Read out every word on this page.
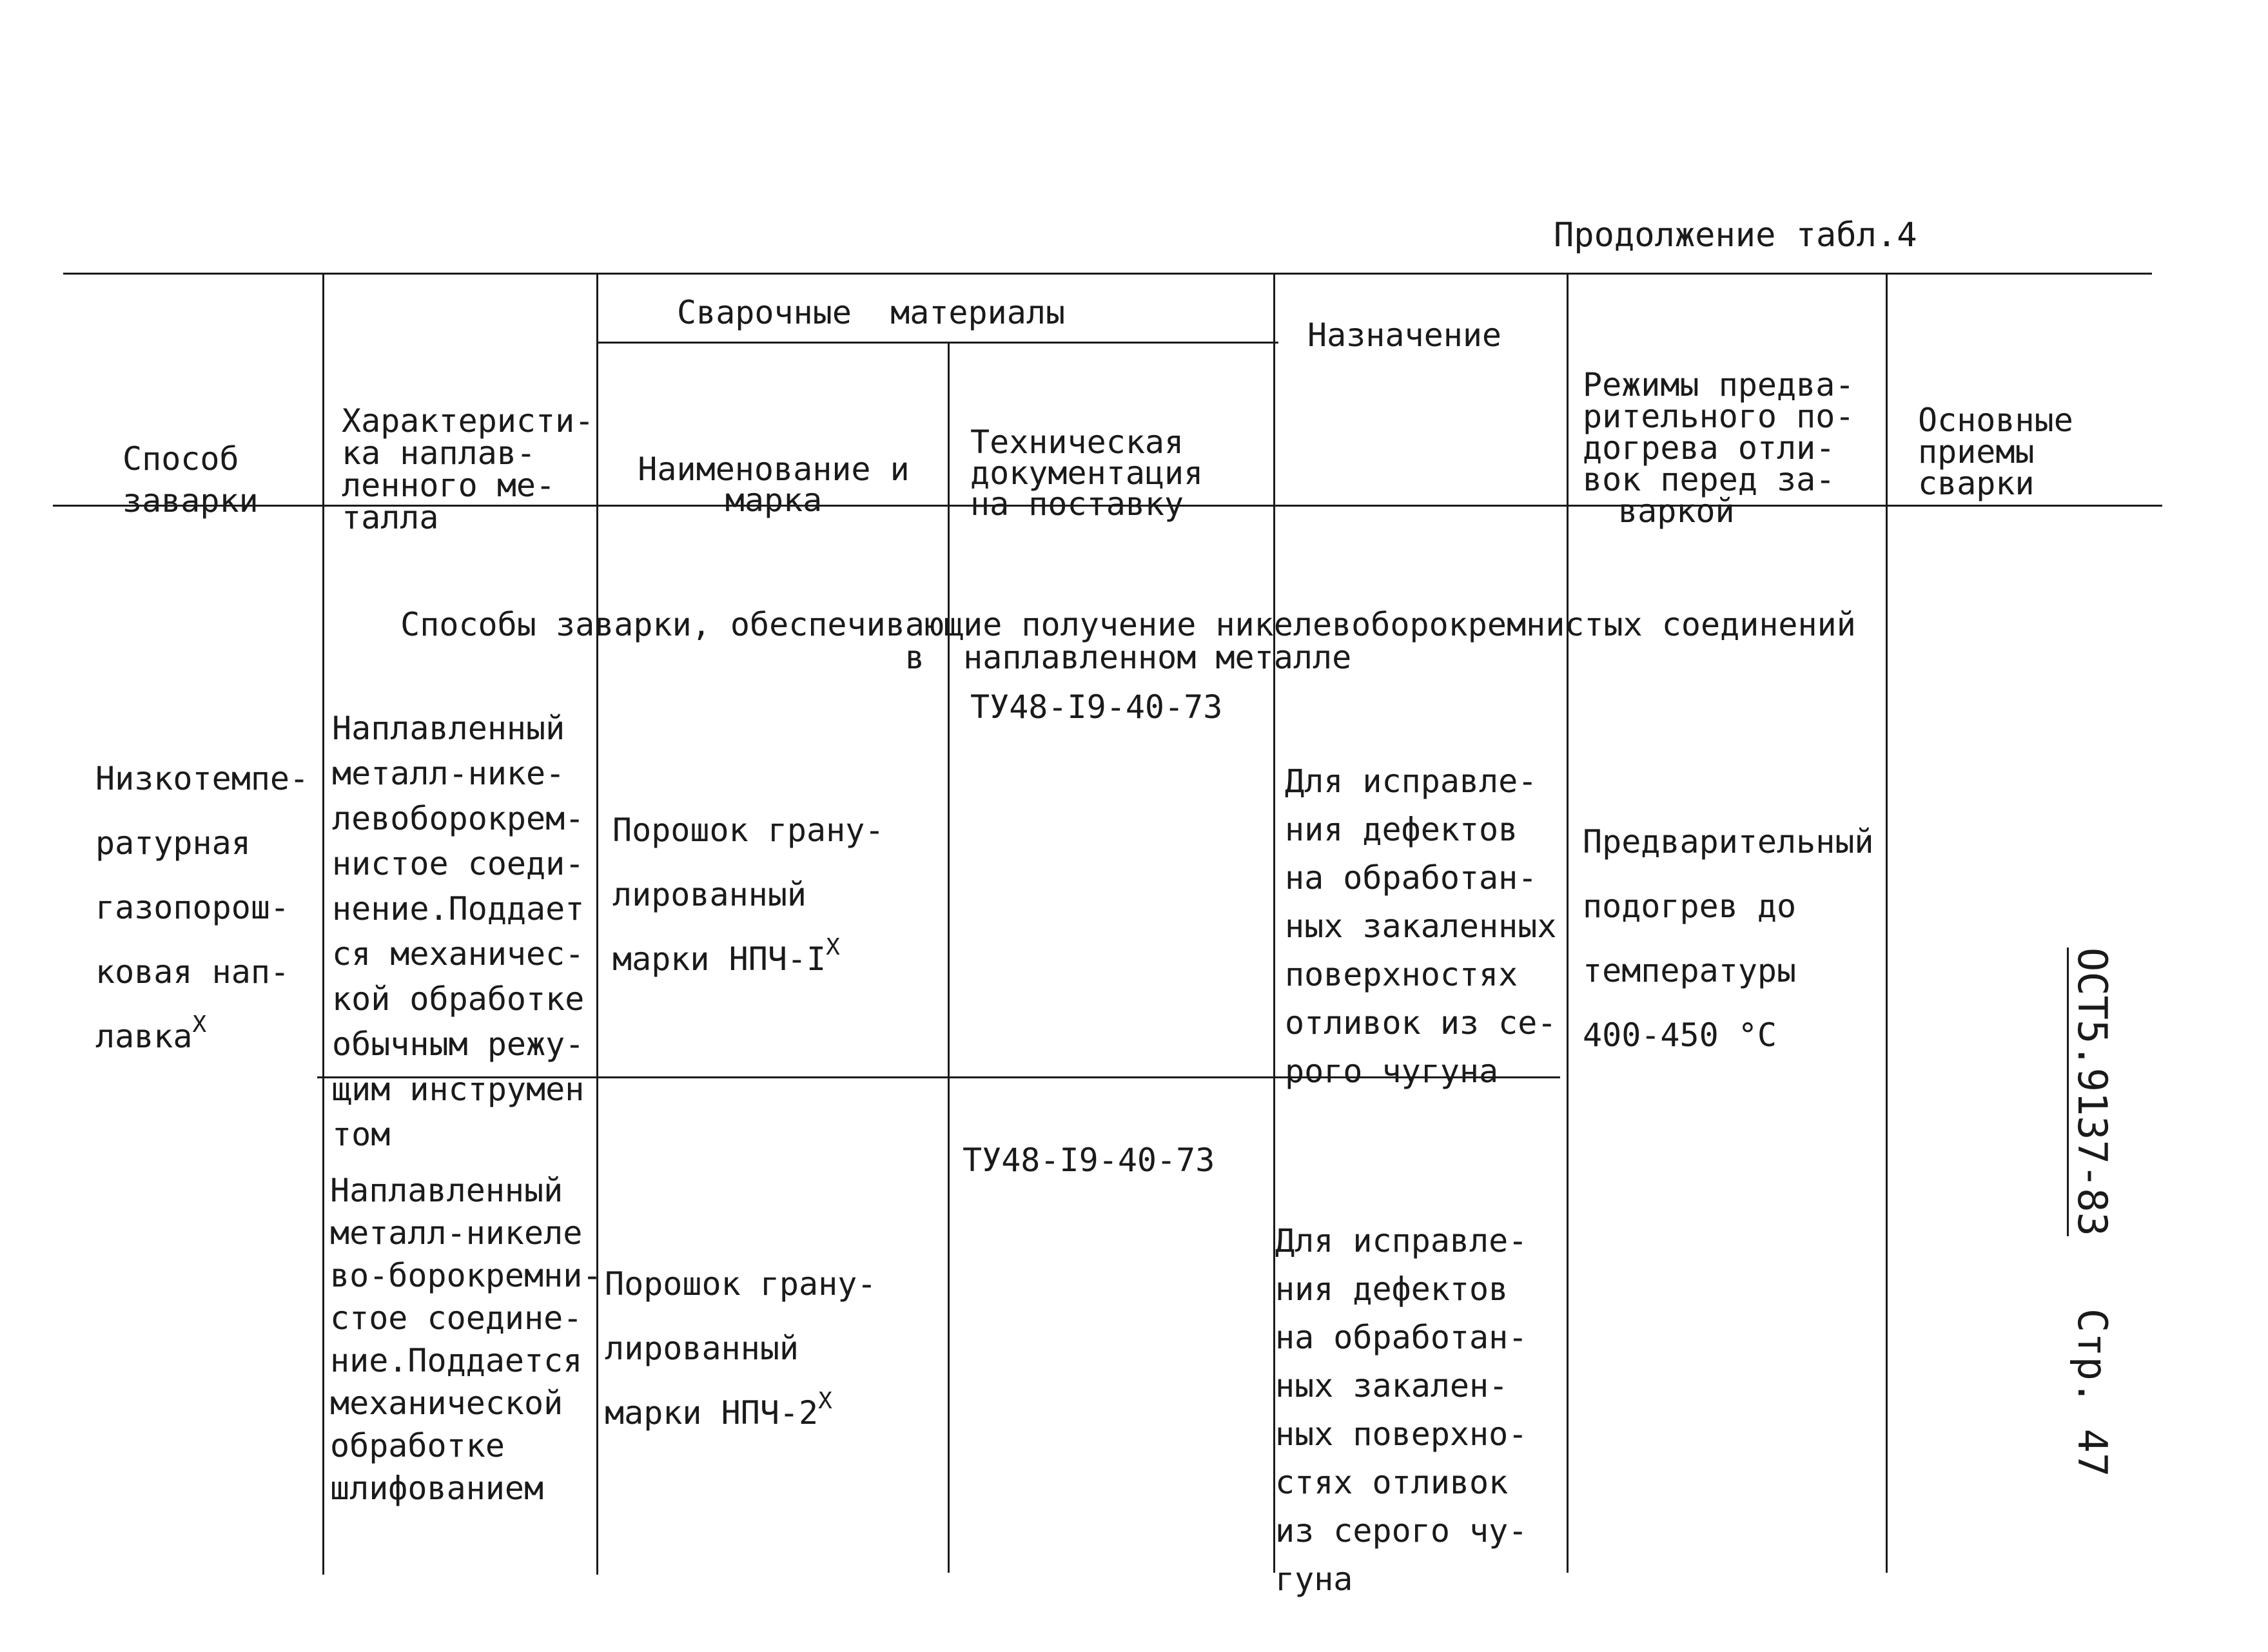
Продолжение табл.4

Способ
заварки

Характеристи-
ка наплав-
ленного ме-
талла

Сварочные  материалы

Наименование и
марка

Техническая
документация
на поставку

Назначение

Режимы предва-
рительного по-
догрева отли-
вок перед за-
варкой

Основные
приемы
сварки

Способы заварки, обеспечивающие получение никелевоборокремнистых соединений
в  наплавленном металле

Низкотемпе-
ратурная
газопорош-
ковая нап-
лавка$^X$

Наплавленный
металл-нике-
левоборокрем-
нистое соеди-
нение.Поддает
ся механичес-
кой обработке
обычным режу-
щим инструмен
том

Порошок грану-
лированный
марки НПЧ-$I^X$

ТУ48-I9-40-73

Для исправле-
ния дефектов
на обработан-
ных закаленных
поверхностях
отливок из се-
рого чугуна

Предварительный
подогрев до
температуры
400-450 °C

Наплавленный
металл-никеле
во-борокремни-
стое соедине-
ние.Поддается
механической
обработке
шлифованием

Порошок грану-
лированный
марки НПЧ-$2^X$

ТУ48-I9-40-73

Для исправле-
ния дефектов
на обработан-
ных закален-
ных поверхно-
стях отливок
из серого чу-
гуна

ОСТ5.9137-83   Стр. 47
